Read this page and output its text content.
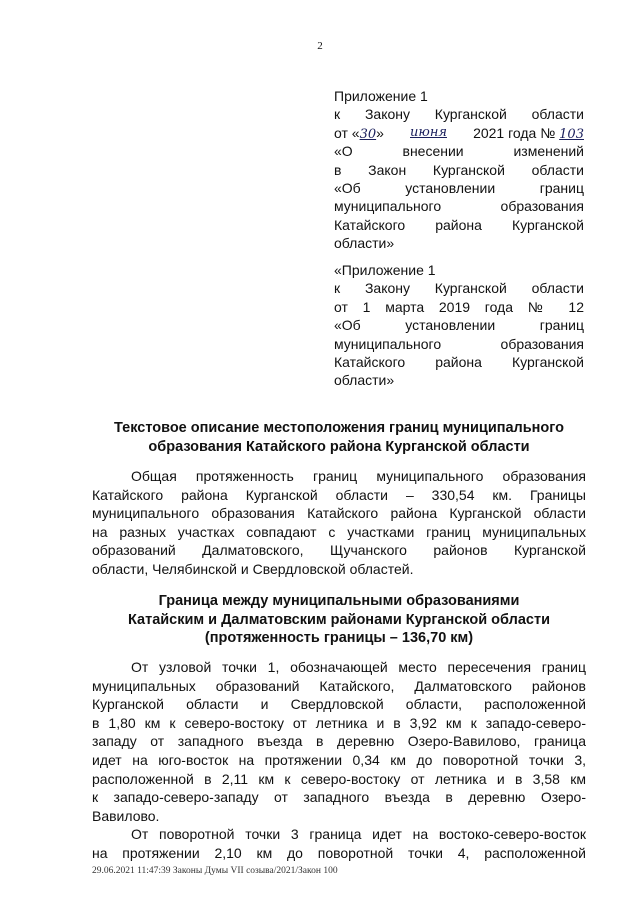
2
Приложение 1
к Закону Курганской области
от «30» июня 2021 года № 103
«О внесении изменений
в Закон Курганской области
«Об установлении границ
муниципального образования
Катайского района Курганской
области»
«Приложение 1
к Закону Курганской области
от 1 марта 2019 года № 12
«Об установлении границ
муниципального образования
Катайского района Курганской
области»
Текстовое описание местоположения границ муниципального
образования Катайского района Курганской области
Общая протяженность границ муниципального образования
Катайского района Курганской области – 330,54 км. Границы
муниципального образования Катайского района Курганской области
на разных участках совпадают с участками границ муниципальных
образований Далматовского, Щучанского районов Курганской
области, Челябинской и Свердловской областей.
Граница между муниципальными образованиями
Катайским и Далматовским районами Курганской области
(протяженность границы – 136,70 км)
От узловой точки 1, обозначающей место пересечения границ
муниципальных образований Катайского, Далматовского районов
Курганской области и Свердловской области, расположенной
в 1,80 км к северо-востоку от летника и в 3,92 км к западо-северо-
западу от западного въезда в деревню Озеро-Вавилово, граница
идет на юго-восток на протяжении 0,34 км до поворотной точки 3,
расположенной в 2,11 км к северо-востоку от летника и в 3,58 км
к западо-северо-западу от западного въезда в деревню Озеро-
Вавилово.
От поворотной точки 3 граница идет на востоко-северо-восток
на протяжении 2,10 км до поворотной точки 4, расположенной
29.06.2021 11:47:39 Законы Думы VII созыва/2021/Закон 100
